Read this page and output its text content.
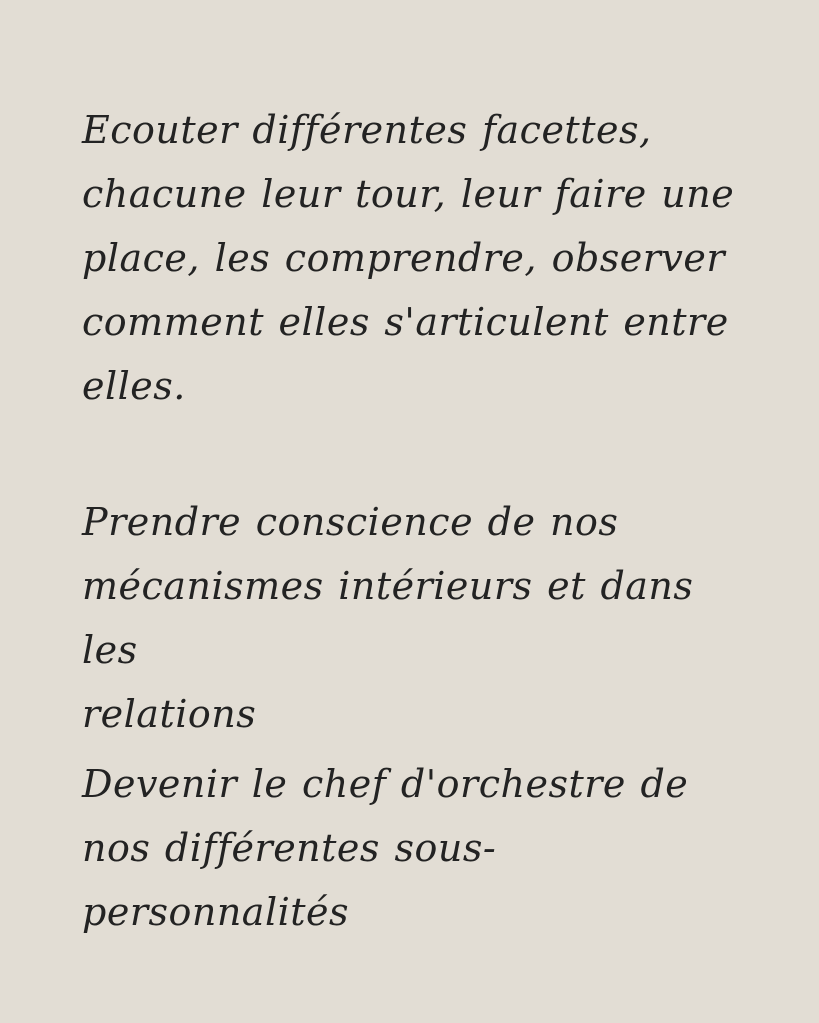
Ecouter différentes facettes,
chacune leur tour, leur faire une
place, les comprendre, observer
comment elles s'articulent entre
elles.

Prendre conscience de nos
mécanismes intérieurs et dans les
relations

Devenir le chef d'orchestre de
nos différentes sous-personnalités
